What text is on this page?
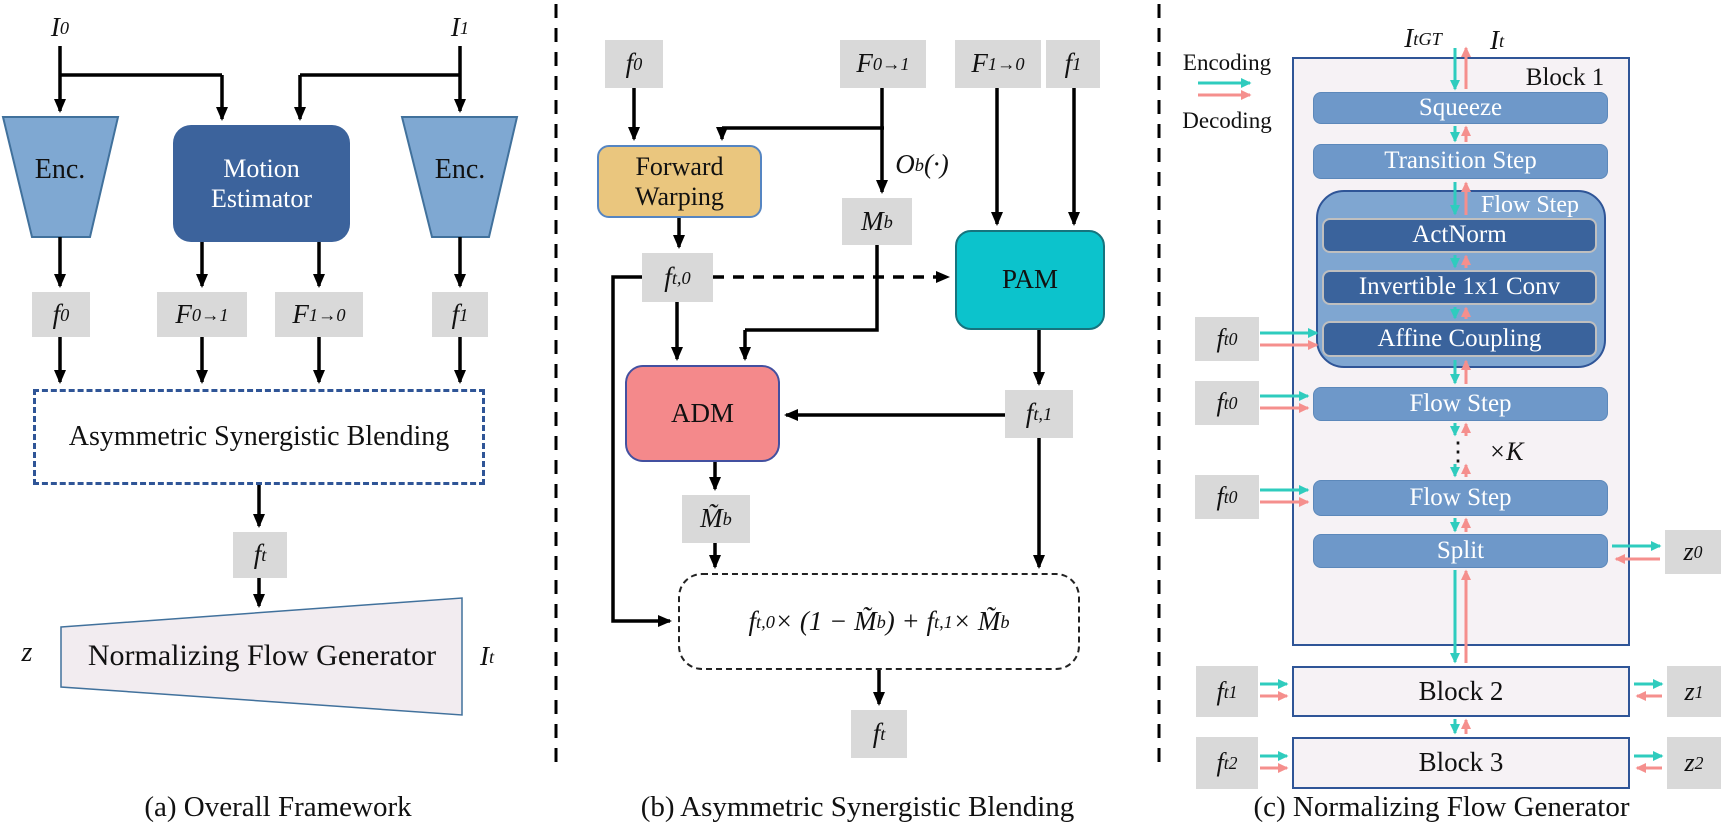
I 0	I 1
Enc.	Enc.
Motion Estimator
f 0	F 0→1	F 1→0	f 1
Asymmetric Synergistic Blending
f t
Normalizing Flow Generator
z	I t
(a) Overall Framework
f 0	F 0→1	F 1→0	f 1
Forward Warping
O b (·)
M b
PAM
f t,0
ADM
M̃ b
f t,1
f t,0 × (1 − M̃ b ) + f t,1 × M̃ b
f t
(b) Asymmetric Synergistic Blending
Encoding
Decoding
I t GT	I t
Block 1
Squeeze
Transition Step
Flow Step
ActNorm
Invertible 1x1 Conv
Affine Coupling
Flow Step
⋮ ×K
Flow Step
Split
f t 0
f t 0
f t 0
z 0
Block 2
Block 3
f t 1
f t 2
z 1
z 2
(c) Normalizing Flow Generator
